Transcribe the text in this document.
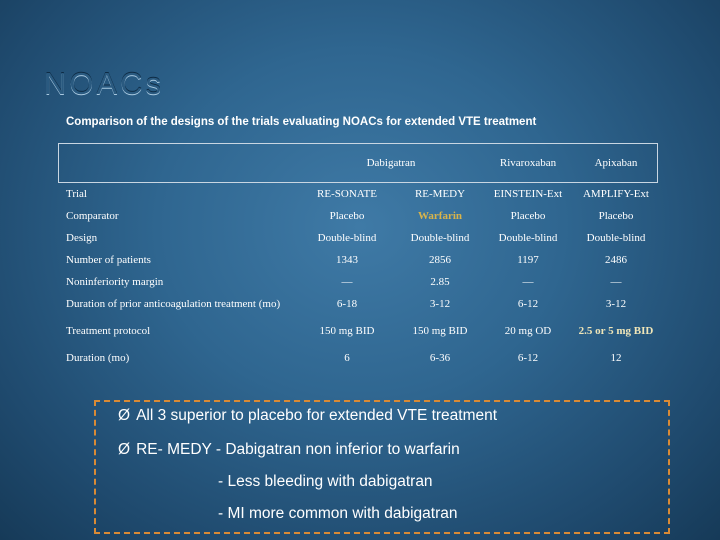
NOACs
Comparison of the designs of the trials evaluating NOACs for extended VTE treatment
	Dabigatran		Rivaroxaban	Apixaban
Trial	RE-SONATE	RE-MEDY	EINSTEIN-Ext	AMPLIFY-Ext
Comparator	Placebo	Warfarin	Placebo	Placebo
Design	Double-blind	Double-blind	Double-blind	Double-blind
Number of patients	1343	2856	1197	2486
Noninferiority margin	—	2.85	—	—
Duration of prior anticoagulation treatment (mo)	6-18	3-12	6-12	3-12
Treatment protocol	150 mg BID	150 mg BID	20 mg OD	2.5 or 5 mg BID
Duration (mo)	6	6-36	6-12	12
Ø All 3 superior to placebo for extended VTE treatment
Ø RE- MEDY - Dabigatran non inferior to warfarin
- Less bleeding with dabigatran
- MI more common with dabigatran
